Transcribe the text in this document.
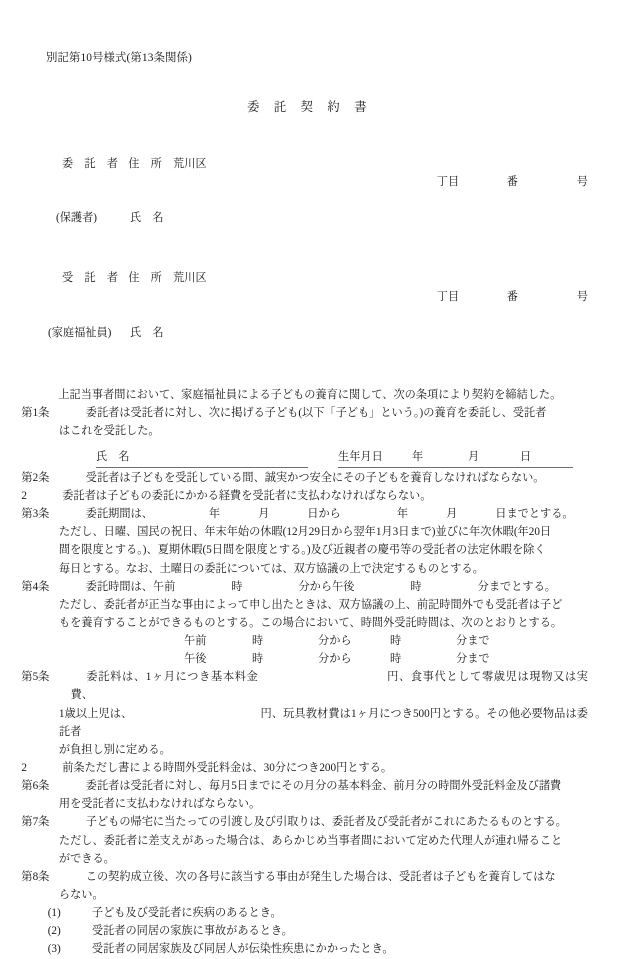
別記第10号様式(第13条関係)
委 託 契 約 書
委　託　者 住　所	荒川区

丁目	番	号

(保護者)	氏　名
受　託　者 住　所	荒川区

丁目	番	号

(家庭福祉員)	氏　名

上記当事者間において、家庭福祉員による子どもの養育に関して、次の条項により契約を締結した。

第1条	委託者は受託者に対し、次に掲げる子ども(以下「子ども」という。)の養育を委託し、受託者
はこれを受託した。

氏　名	生年月日	年	月	日

第2条	受託者は子どもを受託している間、誠実かつ安全にその子どもを養育しなければならない。

2	委託者は子どもの委託にかかる経費を受託者に支払わなければならない。

第3条	委託期間は、	年	月	日から	年	月	日までとする。
ただし、日曜、国民の祝日、年末年始の休暇(12月29日から翌年1月3日まで)並びに年次休暇(年20日
間を限度とする。)、夏期休暇(5日間を限度とする。)及び近親者の慶弔等の受託者の法定休暇を除く
毎日とする。なお、土曜日の委託については、双方協議の上で決定するものとする。

第4条	委託時間は、午前	時	分から午後	時	分までとする。
ただし、委託者が正当な事由によって申し出たときは、双方協議の上、前記時間外でも受託者は子ど
もを養育することができるものとする。この場合において、時間外受託時間は、次のとおりとする。

午前	時	分から	時	分まで
午後	時	分から	時	分まで

第5条	委託料は、1ヶ月につき基本料金	円、食事代として零歳児は現物又は実費、
1歳以上児は、	円、玩具教材費は1ヶ月につき500円とする。その他必要物品は委託者
が負担し別に定める。

2	前条ただし書による時間外受託料金は、30分につき200円とする。

第6条	委託者は受託者に対し、毎月5日までにその月分の基本料金、前月分の時間外受託料金及び諸費
用を受託者に支払わなければならない。

第7条	子どもの帰宅に当たっての引渡し及び引取りは、委託者及び受託者がこれにあたるものとする。
ただし、委託者に差支えがあった場合は、あらかじめ当事者間において定めた代理人が連れ帰ること
ができる。

第8条	この契約成立後、次の各号に該当する事由が発生した場合は、受託者は子どもを養育してはな
らない。

(1)	子ども及び受託者に疾病のあるとき。

(2)	受託者の同居の家族に事故があるとき。

(3)	受託者の同居家族及び同居人が伝染性疾患にかかったとき。
